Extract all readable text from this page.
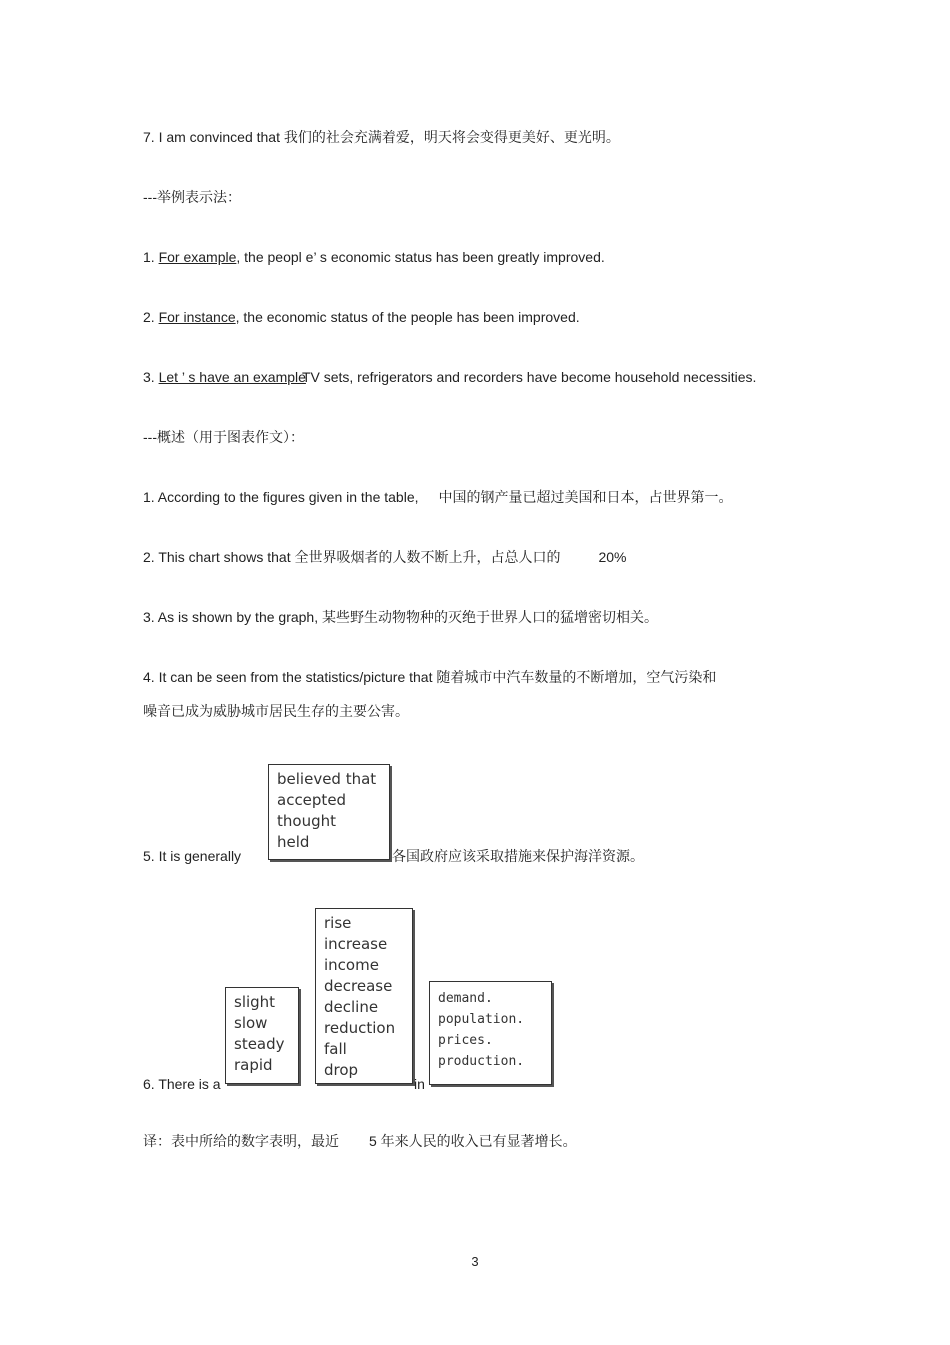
7. I am convinced that 我们的社会充满着爱，明天将会变得更美好、更光明。
---举例表示法：
1. For example, the peopl e’ s economic status has been greatly improved.
2. For instance, the economic status of the people has been improved.
3. Let ’ s have an exampleTV sets, refrigerators and recorders have become household necessities.
---概述（用于图表作文）：
1. According to the figures given in the table, 中国的钢产量已超过美国和日本，占世界第一。
2. This chart shows that 全世界吸烟者的人数不断上升，占总人口的	20%
3. As is shown by the graph, 某些野生动物物种的灭绝于世界人口的猛增密切相关。
4. It can be seen from the statistics/picture that 随着城市中汽车数量的不断增加，空气污染和
噪音已成为威胁城市居民生存的主要公害。
believed that
accepted
thought
held
5. It is generally	各国政府应该采取措施来保护海洋资源。
rise
increase
income
decrease
decline
reduction
fall
drop
slight
slow
steady
rapid
demand.
population.
prices.
production.
6. There is a	in
译：表中所给的数字表明，最近 5 年来人民的收入已有显著增长。
3
